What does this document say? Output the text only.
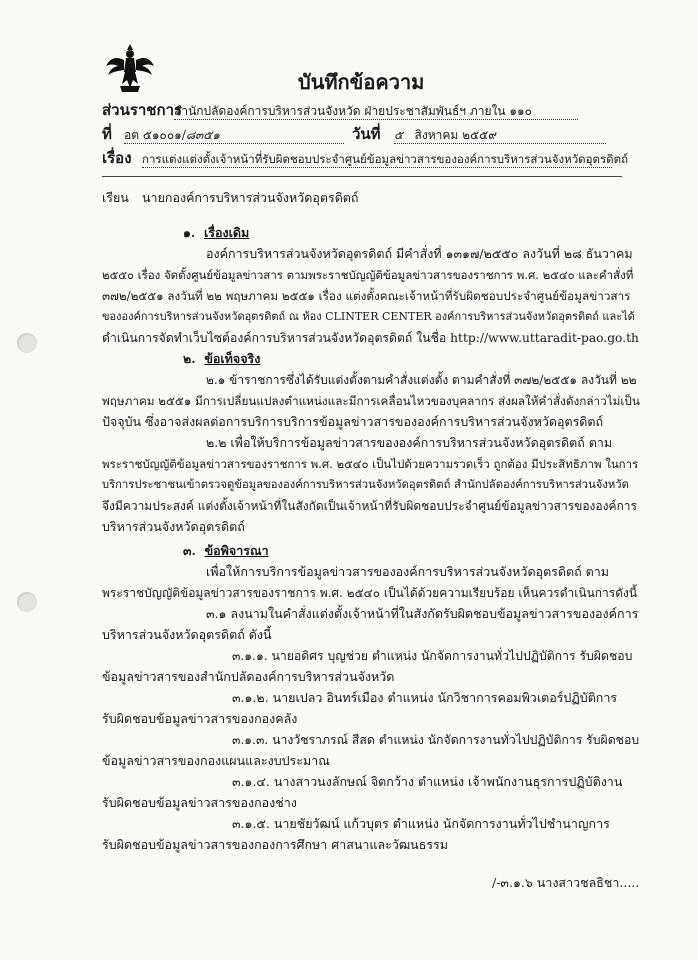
บันทึกข้อความ
ส่วนราชการ
สำนักปลัดองค์การบริหารส่วนจังหวัด ฝ่ายประชาสัมพันธ์ฯ ภายใน ๑๑๐
ที่ อต ๕๑๐๐๑/๘๓๕๑	วันที่ ๕ สิงหาคม ๒๕๕๙
เรื่อง การแต่งแต่งตั้งเจ้าหน้าที่รับผิดชอบประจำศูนย์ข้อมูลข่าวสารขององค์การบริหารส่วนจังหวัดอุตรดิตถ์
เรียน นายกองค์การบริหารส่วนจังหวัดอุตรดิตถ์
๑. เรื่องเดิม
องค์การบริหารส่วนจังหวัดอุตรดิตถ์ มีคำสั่งที่ ๑๓๑๗/๒๕๕๐ ลงวันที่ ๒๘ ธันวาคม
๒๕๕๐ เรื่อง จัดตั้งศูนย์ข้อมูลข่าวสาร ตามพระราชบัญญัติข้อมูลข่าวสารของราชการ พ.ศ. ๒๕๔๐ และคำสั่งที่
๓๗๒/๒๕๕๑ ลงวันที่ ๒๒ พฤษภาคม ๒๕๕๑ เรื่อง แต่งตั้งคณะเจ้าหน้าที่รับผิดชอบประจำศูนย์ข้อมูลข่าวสาร
ขององค์การบริหารส่วนจังหวัดอุตรดิตถ์ ณ ห้อง CLINTER CENTER องค์การบริหารส่วนจังหวัดอุตรดิตถ์ และได้
ดำเนินการจัดทำเว็บไซต์องค์การบริหารส่วนจังหวัดอุตรดิตถ์ ในชื่อ http://www.uttaradit-pao.go.th
๒. ข้อเท็จจริง
๒.๑ ข้าราชการซึ่งได้รับแต่งตั้งตามคำสั่งแต่งตั้ง ตามคำสั่งที่ ๓๗๒/๒๕๕๑ ลงวันที่ ๒๒
พฤษภาคม ๒๕๕๑ มีการเปลี่ยนแปลงตำแหน่งและมีการเคลื่อนไหวของบุคลากร ส่งผลให้คำสั่งดังกล่าวไม่เป็น
ปัจจุบัน ซึ่งอาจส่งผลต่อการบริการบริการข้อมูลข่าวสารขององค์การบริหารส่วนจังหวัดอุตรดิตถ์
๒.๒ เพื่อให้บริการข้อมูลข่าวสารขององค์การบริหารส่วนจังหวัดอุตรดิตถ์ ตาม
พระราชบัญญัติข้อมูลข่าวสารของราชการ พ.ศ. ๒๕๔๐ เป็นไปด้วยความรวดเร็ว ถูกต้อง มีประสิทธิภาพ ในการ
บริการประชาชนเข้าตรวจดูข้อมูลขององค์การบริหารส่วนจังหวัดอุตรดิตถ์ สำนักปลัดองค์การบริหารส่วนจังหวัด
จึงมีความประสงค์ แต่งตั้งเจ้าหน้าที่ในสังกัดเป็นเจ้าหน้าที่รับผิดชอบประจำศูนย์ข้อมูลข่าวสารขององค์การ
บริหารส่วนจังหวัดอุตรดิตถ์
๓. ข้อพิจารณา
เพื่อให้การบริการข้อมูลข่าวสารขององค์การบริหารส่วนจังหวัดอุตรดิตถ์ ตาม
พระราชบัญญัติข้อมูลข่าวสารของราชการ พ.ศ. ๒๕๔๐ เป็นได้ด้วยความเรียบร้อย เห็นควรดำเนินการดังนี้
๓.๑ ลงนามในคำสั่งแต่งตั้งเจ้าหน้าที่ในสังกัดรับผิดชอบข้อมูลข่าวสารขององค์การ
บริหารส่วนจังหวัดอุตรดิตถ์ ดังนี้
๓.๑.๑. นายอดิศร บุญช่วย ตำแหน่ง นักจัดการงานทั่วไปปฏิบัติการ รับผิดชอบ
ข้อมูลข่าวสารของสำนักปลัดองค์การบริหารส่วนจังหวัด
๓.๑.๒. นายเปลว อินทร์เมือง ตำแหน่ง นักวิชาการคอมพิวเตอร์ปฏิบัติการ
รับผิดชอบข้อมูลข่าวสารของกองคลัง
๓.๑.๓. นางวัชราภรณ์ สีสด ตำแหน่ง นักจัดการงานทั่วไปปฏิบัติการ รับผิดชอบ
ข้อมูลข่าวสารของกองแผนและงบประมาณ
๓.๑.๔. นางสาวนงลักษณ์ จิตกว้าง ตำแหน่ง เจ้าพนักงานธุรการปฏิบัติงาน
รับผิดชอบข้อมูลข่าวสารของกองช่าง
๓.๑.๕. นายชัยวัฒน์ แก้วบุตร ตำแหน่ง นักจัดการงานทั่วไปชำนาญการ
รับผิดชอบข้อมูลข่าวสารของกองการศึกษา ศาสนาและวัฒนธรรม
/-๓.๑.๖ นางสาวชลธิชา.....
